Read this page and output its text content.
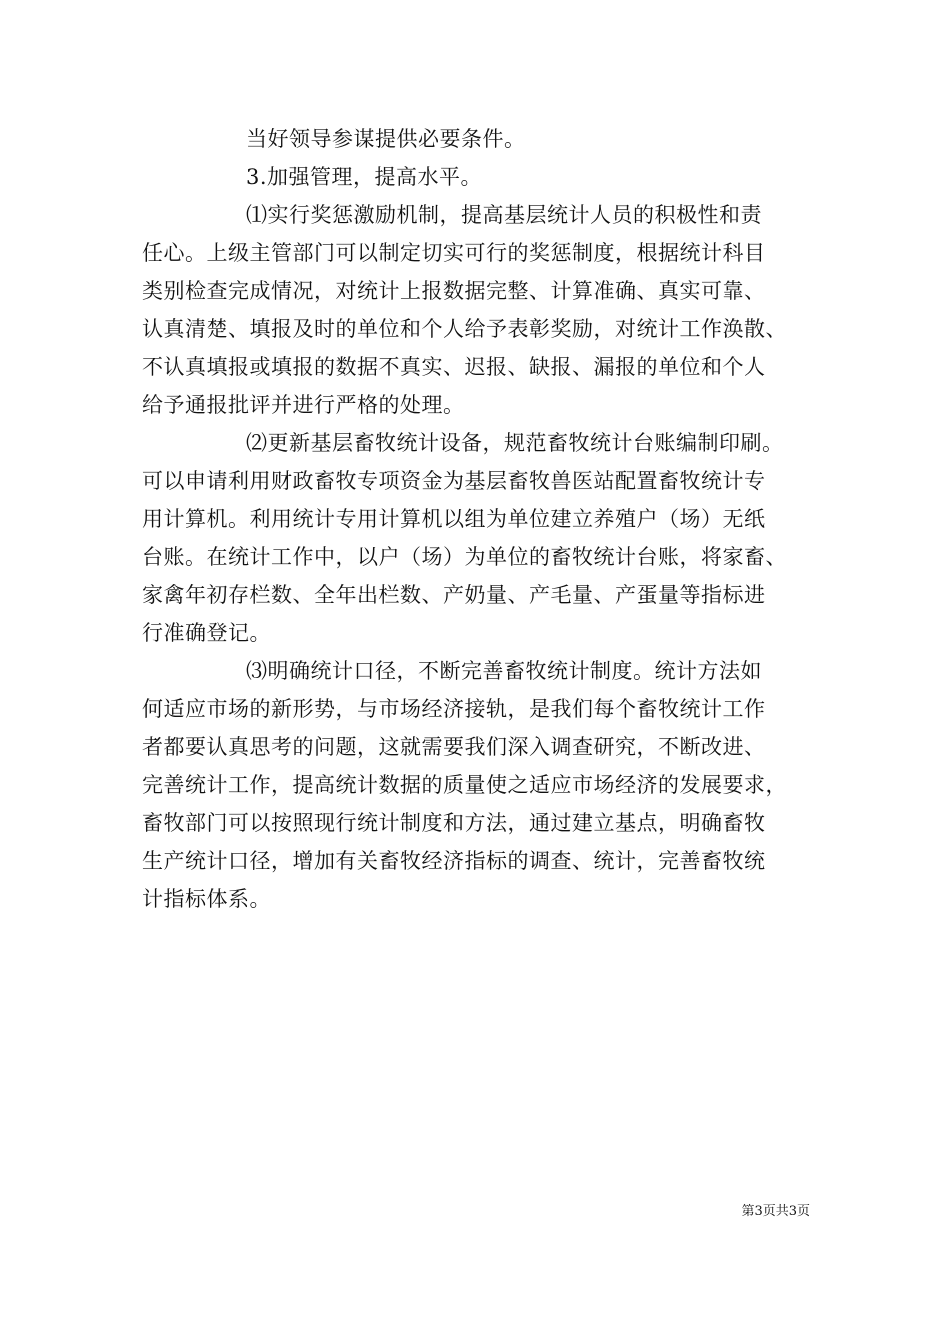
当好领导参谋提供必要条件。
3.加强管理，提高水平。
⑴实行奖惩激励机制，提高基层统计人员的积极性和责
任心。上级主管部门可以制定切实可行的奖惩制度，根据统计科目
类别检查完成情况，对统计上报数据完整、计算准确、真实可靠、
认真清楚、填报及时的单位和个人给予表彰奖励，对统计工作涣散、
不认真填报或填报的数据不真实、迟报、缺报、漏报的单位和个人
给予通报批评并进行严格的处理。
⑵更新基层畜牧统计设备，规范畜牧统计台账编制印刷。
可以申请利用财政畜牧专项资金为基层畜牧兽医站配置畜牧统计专
用计算机。利用统计专用计算机以组为单位建立养殖户（场）无纸
台账。在统计工作中，以户（场）为单位的畜牧统计台账，将家畜、
家禽年初存栏数、全年出栏数、产奶量、产毛量、产蛋量等指标进
行准确登记。
⑶明确统计口径，不断完善畜牧统计制度。统计方法如
何适应市场的新形势，与市场经济接轨，是我们每个畜牧统计工作
者都要认真思考的问题，这就需要我们深入调查研究，不断改进、
完善统计工作，提高统计数据的质量使之适应市场经济的发展要求，
畜牧部门可以按照现行统计制度和方法，通过建立基点，明确畜牧
生产统计口径，增加有关畜牧经济指标的调查、统计，完善畜牧统
计指标体系。
第3页共3页
